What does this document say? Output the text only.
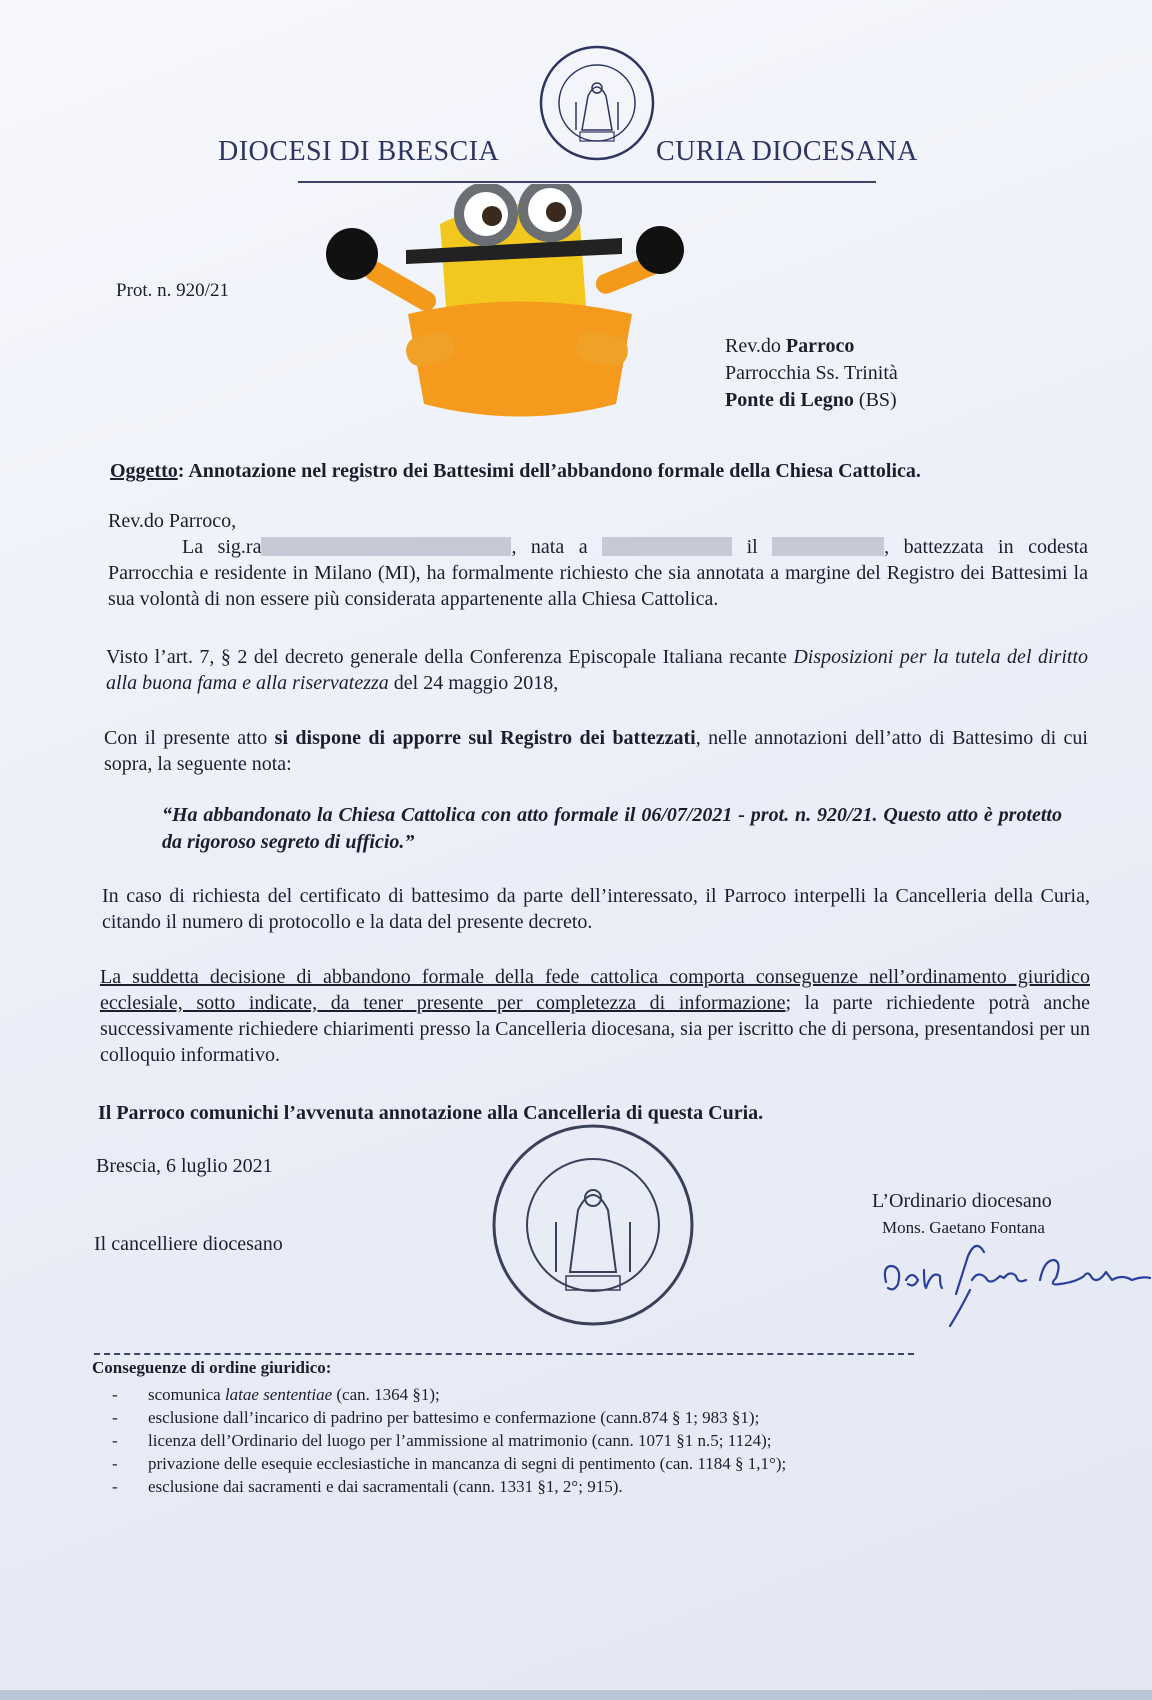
DIOCESI DI BRESCIA	CURIA DIOCESANA
Prot. n. 920/21
Rev.do Parroco
Parrocchia Ss. Trinità
Ponte di Legno (BS)
Oggetto: Annotazione nel registro dei Battesimi dell’abbandono formale della Chiesa Cattolica.
Rev.do Parroco,
La sig.ra	, nata a	il	, battezzata in codesta Parrocchia e residente in Milano (MI), ha formalmente richiesto che sia annotata a margine del Registro dei Battesimi la sua volontà di non essere più considerata appartenente alla Chiesa Cattolica.
Visto l’art. 7, § 2 del decreto generale della Conferenza Episcopale Italiana recante Disposizioni per la tutela del diritto alla buona fama e alla riservatezza del 24 maggio 2018,
Con il presente atto si dispone di apporre sul Registro dei battezzati, nelle annotazioni dell’atto di Battesimo di cui sopra, la seguente nota:
“Ha abbandonato la Chiesa Cattolica con atto formale il 06/07/2021 - prot. n. 920/21. Questo atto è protetto da rigoroso segreto di ufficio.”
In caso di richiesta del certificato di battesimo da parte dell’interessato, il Parroco interpelli la Cancelleria della Curia, citando il numero di protocollo e la data del presente decreto.
La suddetta decisione di abbandono formale della fede cattolica comporta conseguenze nell’ordinamento giuridico ecclesiale, sotto indicate, da tener presente per completezza di informazione; la parte richiedente potrà anche successivamente richiedere chiarimenti presso la Cancelleria diocesana, sia per iscritto che di persona, presentandosi per un colloquio informativo.
Il Parroco comunichi l’avvenuta annotazione alla Cancelleria di questa Curia.
Brescia, 6 luglio 2021
Il cancelliere diocesano
L’Ordinario diocesano
Mons. Gaetano Fontana
Conseguenze di ordine giuridico:
- scomunica latae sententiae (can. 1364 §1);
- esclusione dall’incarico di padrino per battesimo e confermazione (cann.874 § 1; 983 §1);
- licenza dell’Ordinario del luogo per l’ammissione al matrimonio (cann. 1071 §1 n.5; 1124);
- privazione delle esequie ecclesiastiche in mancanza di segni di pentimento (can. 1184 § 1,1°);
- esclusione dai sacramenti e dai sacramentali (cann. 1331 §1, 2°; 915).
